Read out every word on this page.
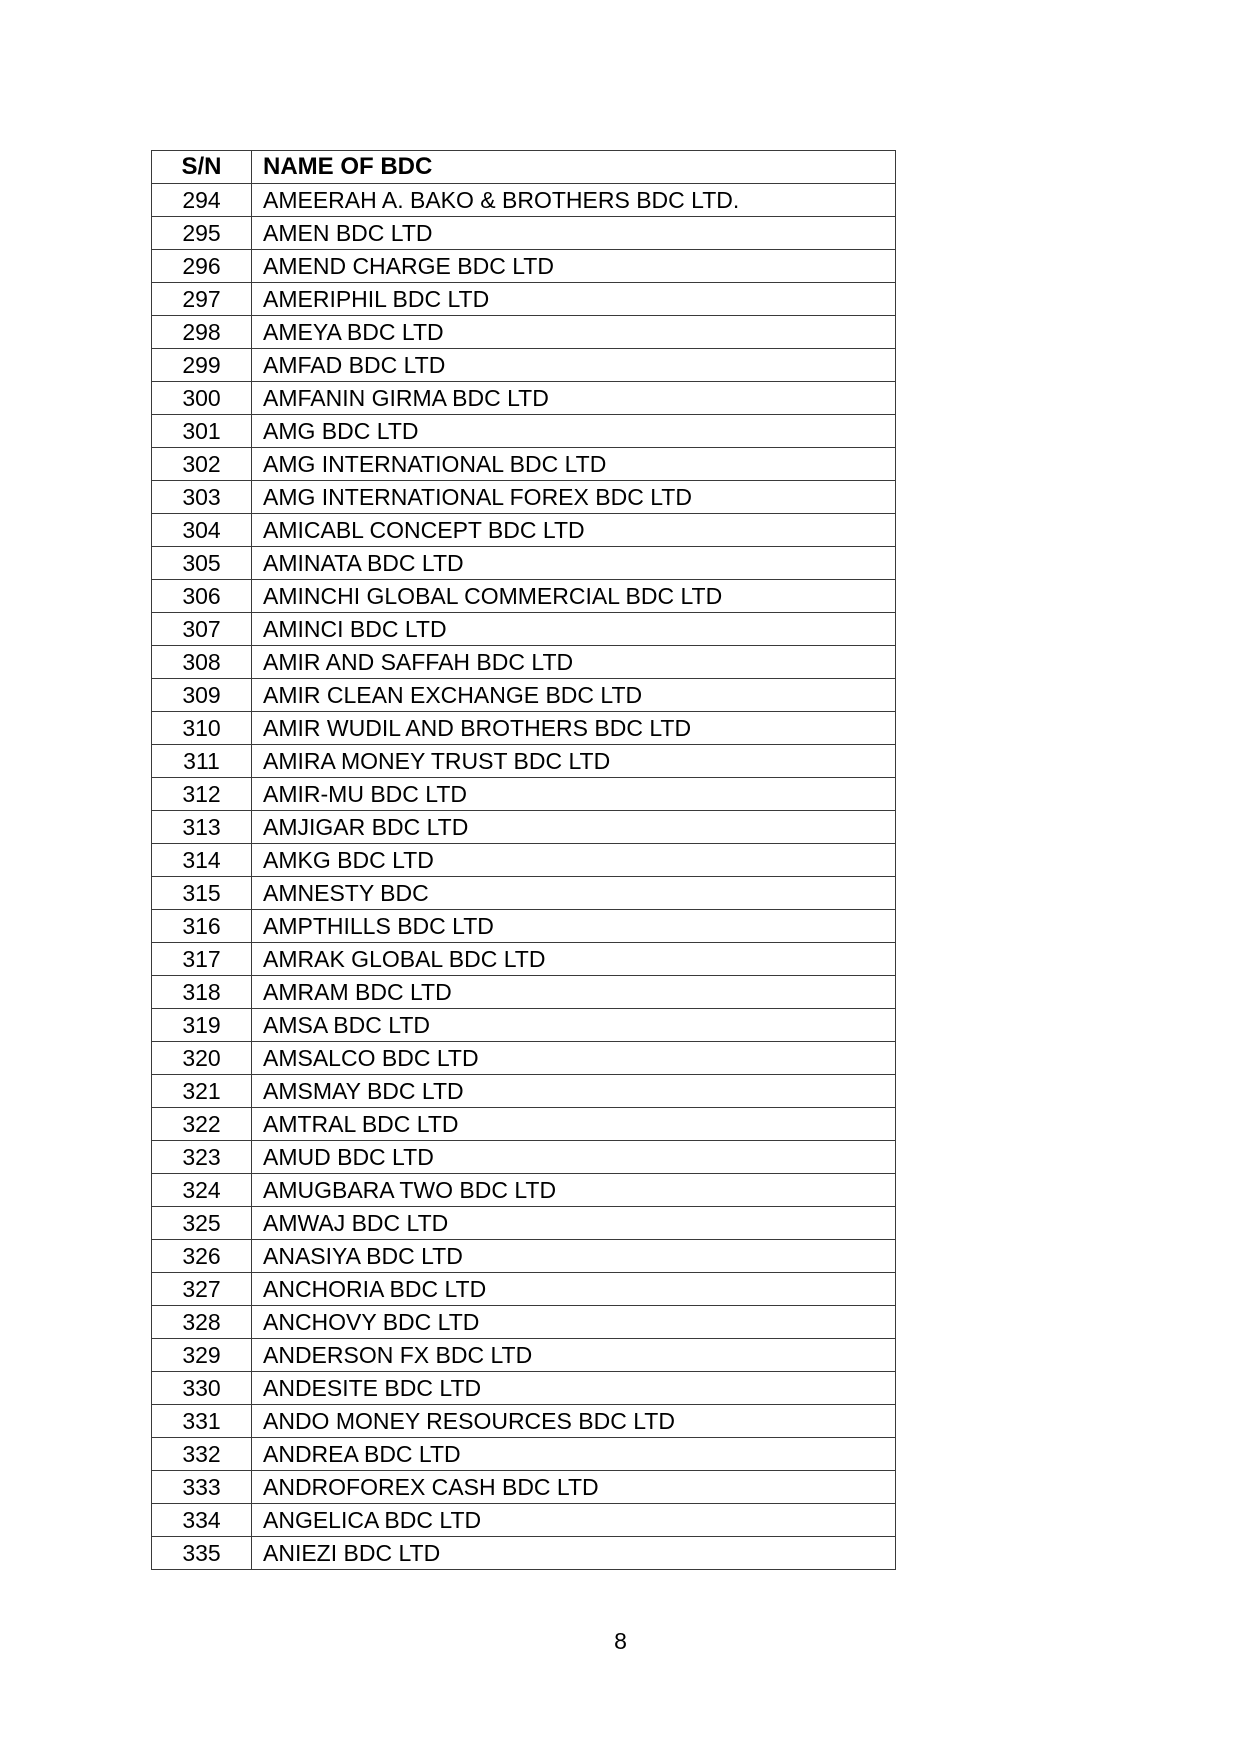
S/N	NAME OF BDC
294	AMEERAH A. BAKO & BROTHERS BDC LTD.
295	AMEN BDC LTD
296	AMEND CHARGE BDC LTD
297	AMERIPHIL BDC LTD
298	AMEYA BDC LTD
299	AMFAD BDC LTD
300	AMFANIN GIRMA BDC LTD
301	AMG BDC LTD
302	AMG INTERNATIONAL BDC LTD
303	AMG INTERNATIONAL FOREX BDC LTD
304	AMICABL CONCEPT BDC LTD
305	AMINATA BDC LTD
306	AMINCHI GLOBAL COMMERCIAL BDC LTD
307	AMINCI BDC LTD
308	AMIR AND SAFFAH BDC LTD
309	AMIR CLEAN EXCHANGE BDC LTD
310	AMIR WUDIL AND BROTHERS BDC LTD
311	AMIRA MONEY TRUST BDC LTD
312	AMIR-MU BDC LTD
313	AMJIGAR BDC LTD
314	AMKG BDC LTD
315	AMNESTY BDC
316	AMPTHILLS BDC LTD
317	AMRAK GLOBAL BDC LTD
318	AMRAM BDC LTD
319	AMSA BDC LTD
320	AMSALCO BDC LTD
321	AMSMAY BDC LTD
322	AMTRAL BDC LTD
323	AMUD BDC LTD
324	AMUGBARA TWO BDC LTD
325	AMWAJ BDC LTD
326	ANASIYA BDC LTD
327	ANCHORIA BDC LTD
328	ANCHOVY BDC LTD
329	ANDERSON FX BDC LTD
330	ANDESITE BDC LTD
331	ANDO MONEY RESOURCES BDC LTD
332	ANDREA BDC LTD
333	ANDROFOREX CASH BDC LTD
334	ANGELICA BDC LTD
335	ANIEZI BDC LTD
8
